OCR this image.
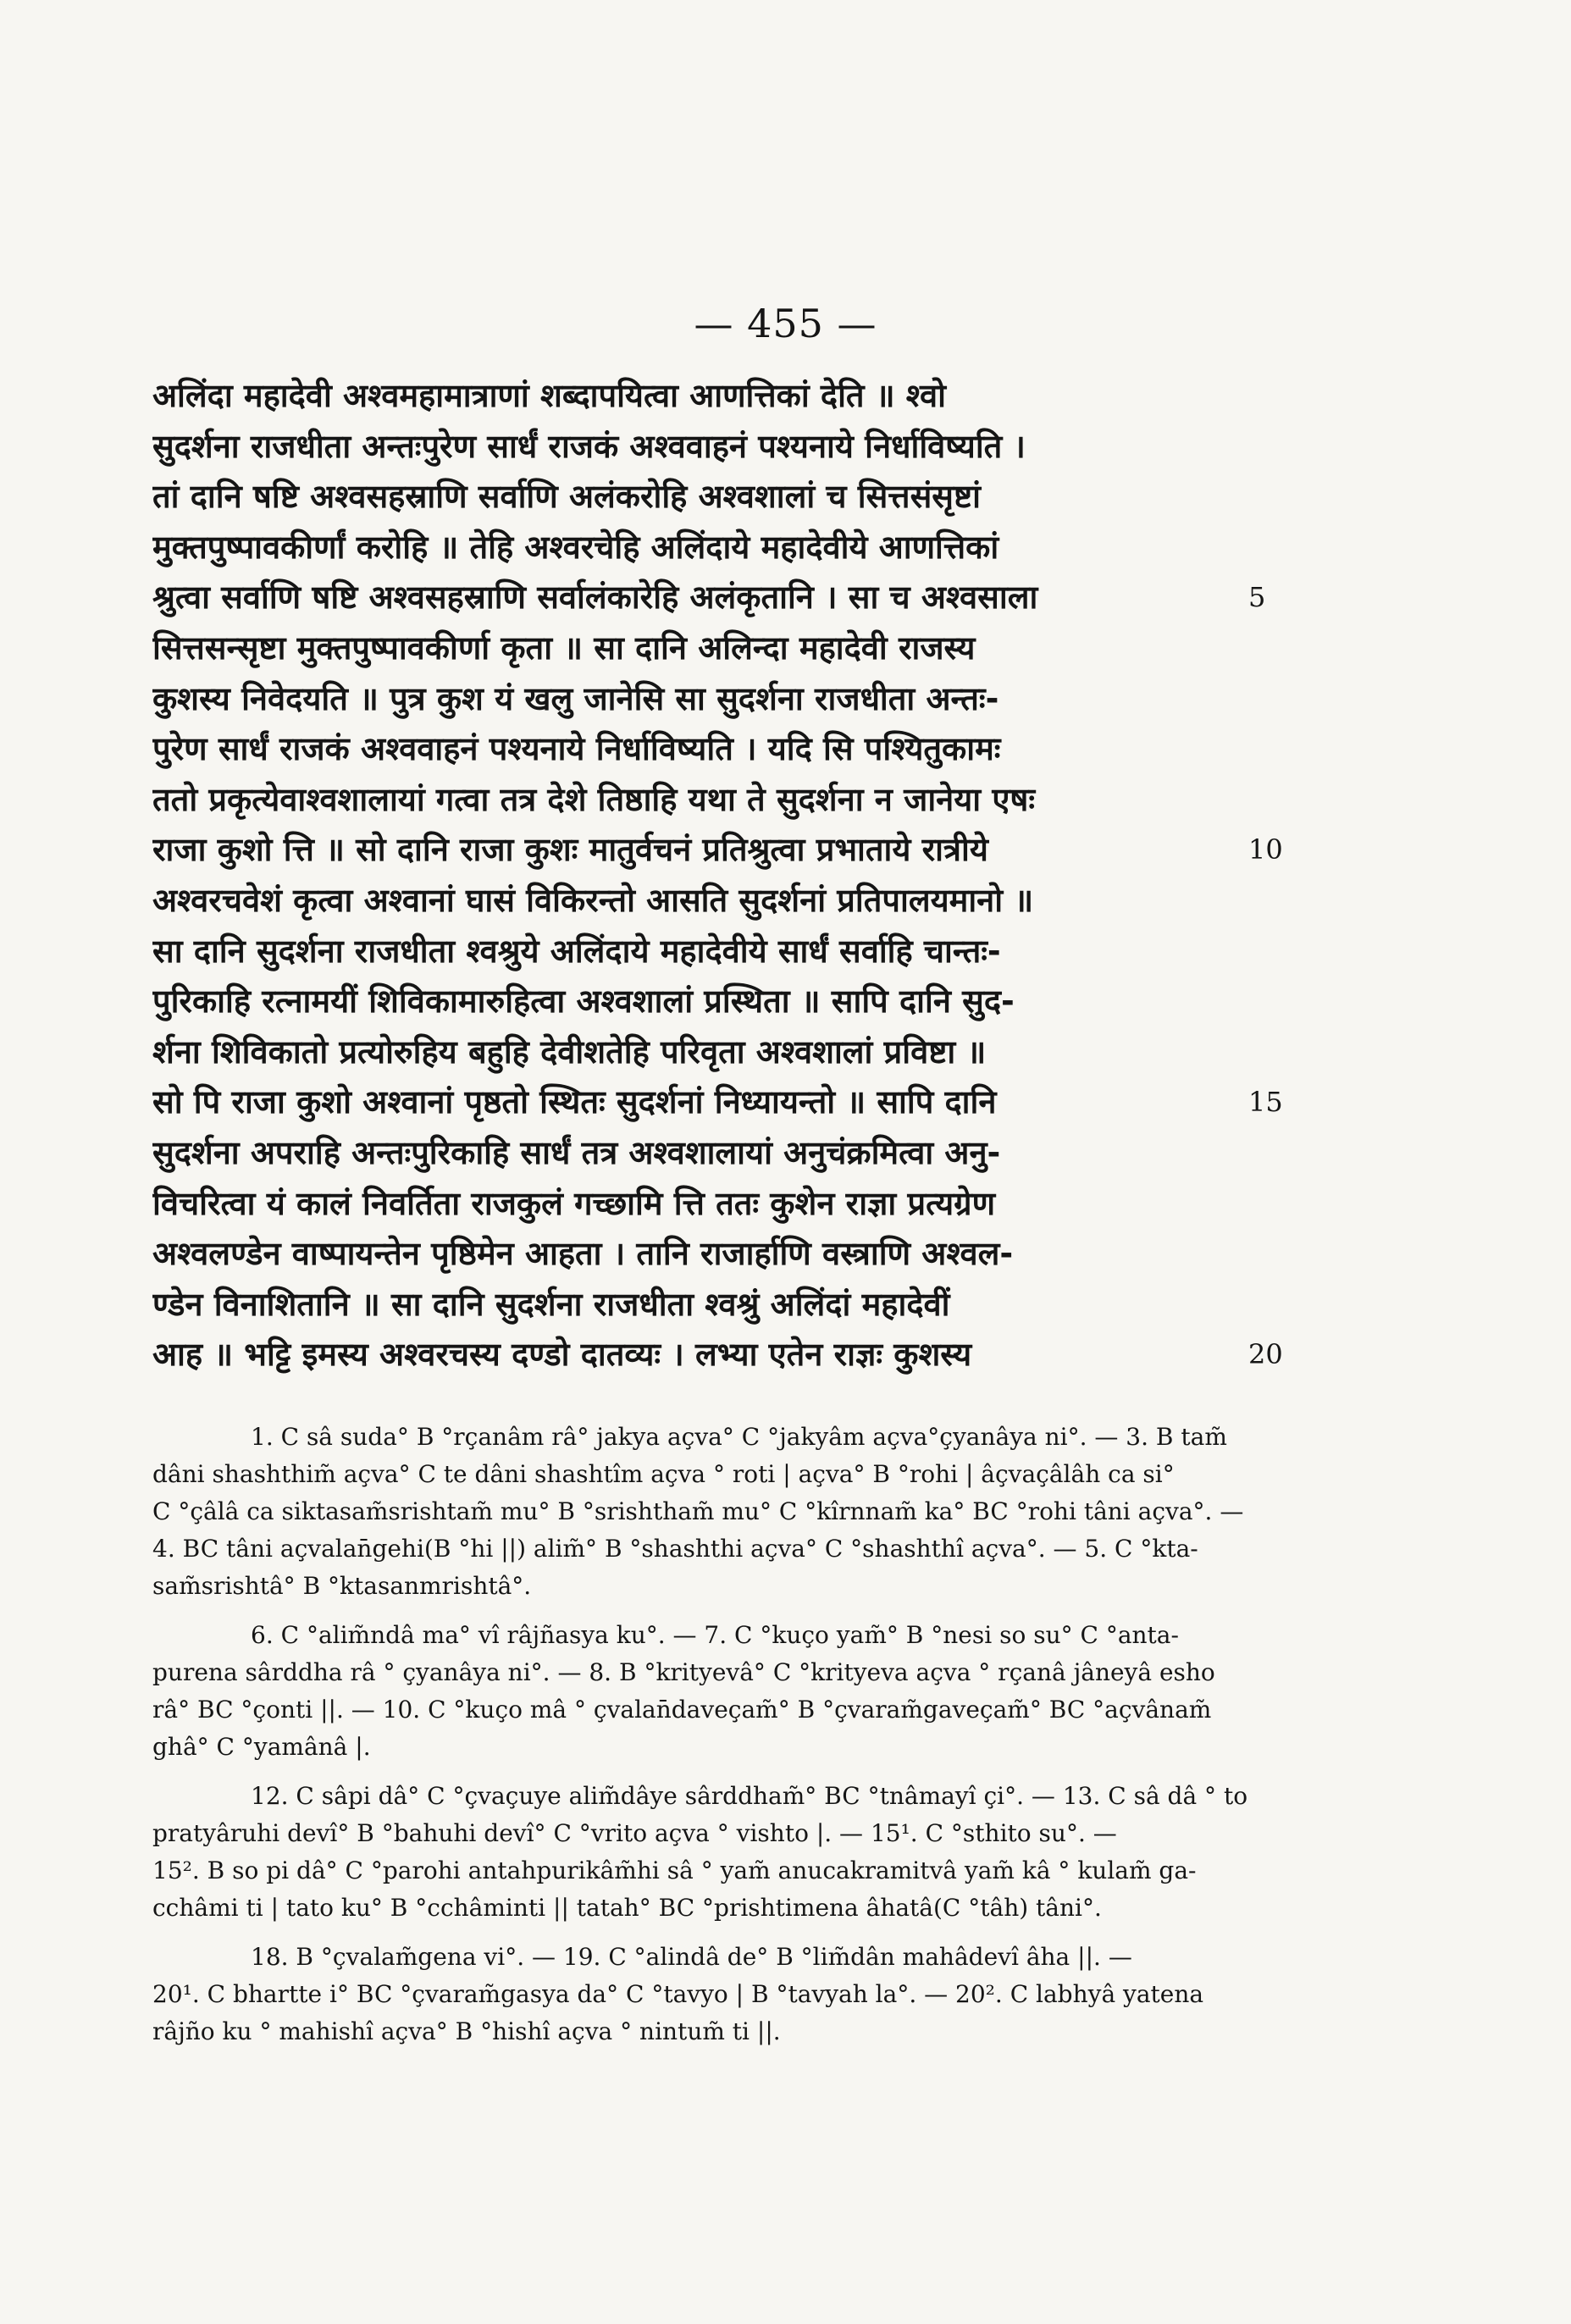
— 455 —
अलिंदा महादेवी अश्वमहामात्राणां शब्दापयित्वा आणत्तिकां देति ॥ श्वो
सुदर्शना राजधीता अन्तःपुरेण सार्धं राजकं अश्ववाहनं पश्यनाये निर्धाविष्यति ।
तां दानि षष्टि अश्वसहस्राणि सर्वाणि अलंकरोहि अश्वशालां च सित्तसंसृष्टां
मुक्तपुष्पावकीर्णां करोहि ॥ तेहि अश्वरचेहि अलिंदाये महादेवीये आणत्तिकां
श्रुत्वा सर्वाणि षष्टि अश्वसहस्राणि सर्वालंकारेहि अलंकृतानि । सा च अश्वसाला
सित्तसन्सृष्टा मुक्तपुष्पावकीर्णा कृता ॥ सा दानि अलिन्दा महादेवी राजस्य
कुशस्य निवेदयति ॥ पुत्र कुश यं खलु जानेसि सा सुदर्शना राजधीता अन्तः-
पुरेण सार्धं राजकं अश्ववाहनं पश्यनाये निर्धाविष्यति । यदि सि पश्यितुकामः
ततो प्रकृत्येवाश्वशालायां गत्वा तत्र देशे तिष्ठाहि यथा ते सुदर्शना न जानेया एषः
राजा कुशो त्ति ॥ सो दानि राजा कुशः मातुर्वचनं प्रतिश्रुत्वा प्रभाताये रात्रीये
अश्वरचवेशं कृत्वा अश्वानां घासं विकिरन्तो आसति सुदर्शनां प्रतिपालयमानो ॥
सा दानि सुदर्शना राजधीता श्वश्रुये अलिंदाये महादेवीये सार्धं सर्वाहि चान्तः-
पुरिकाहि रत्नामयीं शिविकामारुहित्वा अश्वशालां प्रस्थिता ॥ सापि दानि सुद-
र्शना शिविकातो प्रत्योरुहिय बहुहि देवीशतेहि परिवृता अश्वशालां प्रविष्टा ॥
सो पि राजा कुशो अश्वानां पृष्ठतो स्थितः सुदर्शनां निध्यायन्तो ॥ सापि दानि
सुदर्शना अपराहि अन्तःपुरिकाहि सार्धं तत्र अश्वशालायां अनुचंक्रमित्वा अनु-
विचरित्वा यं कालं निवर्तिता राजकुलं गच्छामि त्ति ततः कुशेन राज्ञा प्रत्यग्रेण
अश्वलण्डेन वाष्पायन्तेन पृष्ठिमेन आहता । तानि राजार्हाणि वस्त्राणि अश्वल-
ण्डेन विनाशितानि ॥ सा दानि सुदर्शना राजधीता श्वश्रुं अलिंदां महादेवीं
आह ॥ भट्टि इमस्य अश्वरचस्य दण्डो दातव्यः । लभ्या एतेन राज्ञः कुशस्य
5
10
15
20
1. C sâ suda° B °rçanâm râ° jakya açva° C °jakyâm açva°çyanâya ni°. — 3. B tam̃
dâni shashthim̃ açva° C te dâni shashtîm açva ° roti | açva° B °rohi | âçvaçâlâh ca si°
C °çâlâ ca siktasam̃srishtam̃ mu° B °srishtham̃ mu° C °kîrnnam̃ ka° BC °rohi tâni açva°. —
4. BC tâni açvalan̄gehi(B °hi ||) alim̃° B °shashthi açva° C °shashthî açva°. — 5. C °kta-
sam̃srishtâ° B °ktasanmrishtâ°.
6. C °alim̃ndâ ma° vî râjñasya ku°. — 7. C °kuço yam̃° B °nesi so su° C °anta-
purena sârddha râ ° çyanâya ni°. — 8. B °krityevâ° C °krityeva açva ° rçanâ jâneyâ esho
râ° BC °çonti ||. — 10. C °kuço mâ ° çvalan̄daveçam̃° B °çvaram̃gaveçam̃° BC °açvânam̃
ghâ° C °yamânâ |.
12. C sâpi dâ° C °çvaçuye alim̃dâye sârddham̃° BC °tnâmayî çi°. — 13. C sâ dâ ° to
pratyâruhi devî° B °bahuhi devî° C °vrito açva ° vishto |. — 15¹. C °sthito su°. —
15². B so pi dâ° C °parohi antahpurikâm̃hi sâ ° yam̃ anucakramitvâ yam̃ kâ ° kulam̃ ga-
cchâmi ti | tato ku° B °cchâminti || tatah° BC °prishtimena âhatâ(C °tâh) tâni°.
18. B °çvalam̃gena vi°. — 19. C °alindâ de° B °lim̃dân mahâdevî âha ||. —
20¹. C bhartte i° BC °çvaram̃gasya da° C °tavyo | B °tavyah la°. — 20². C labhyâ yatena
râjño ku ° mahishî açva° B °hishî açva ° nintum̃ ti ||.
